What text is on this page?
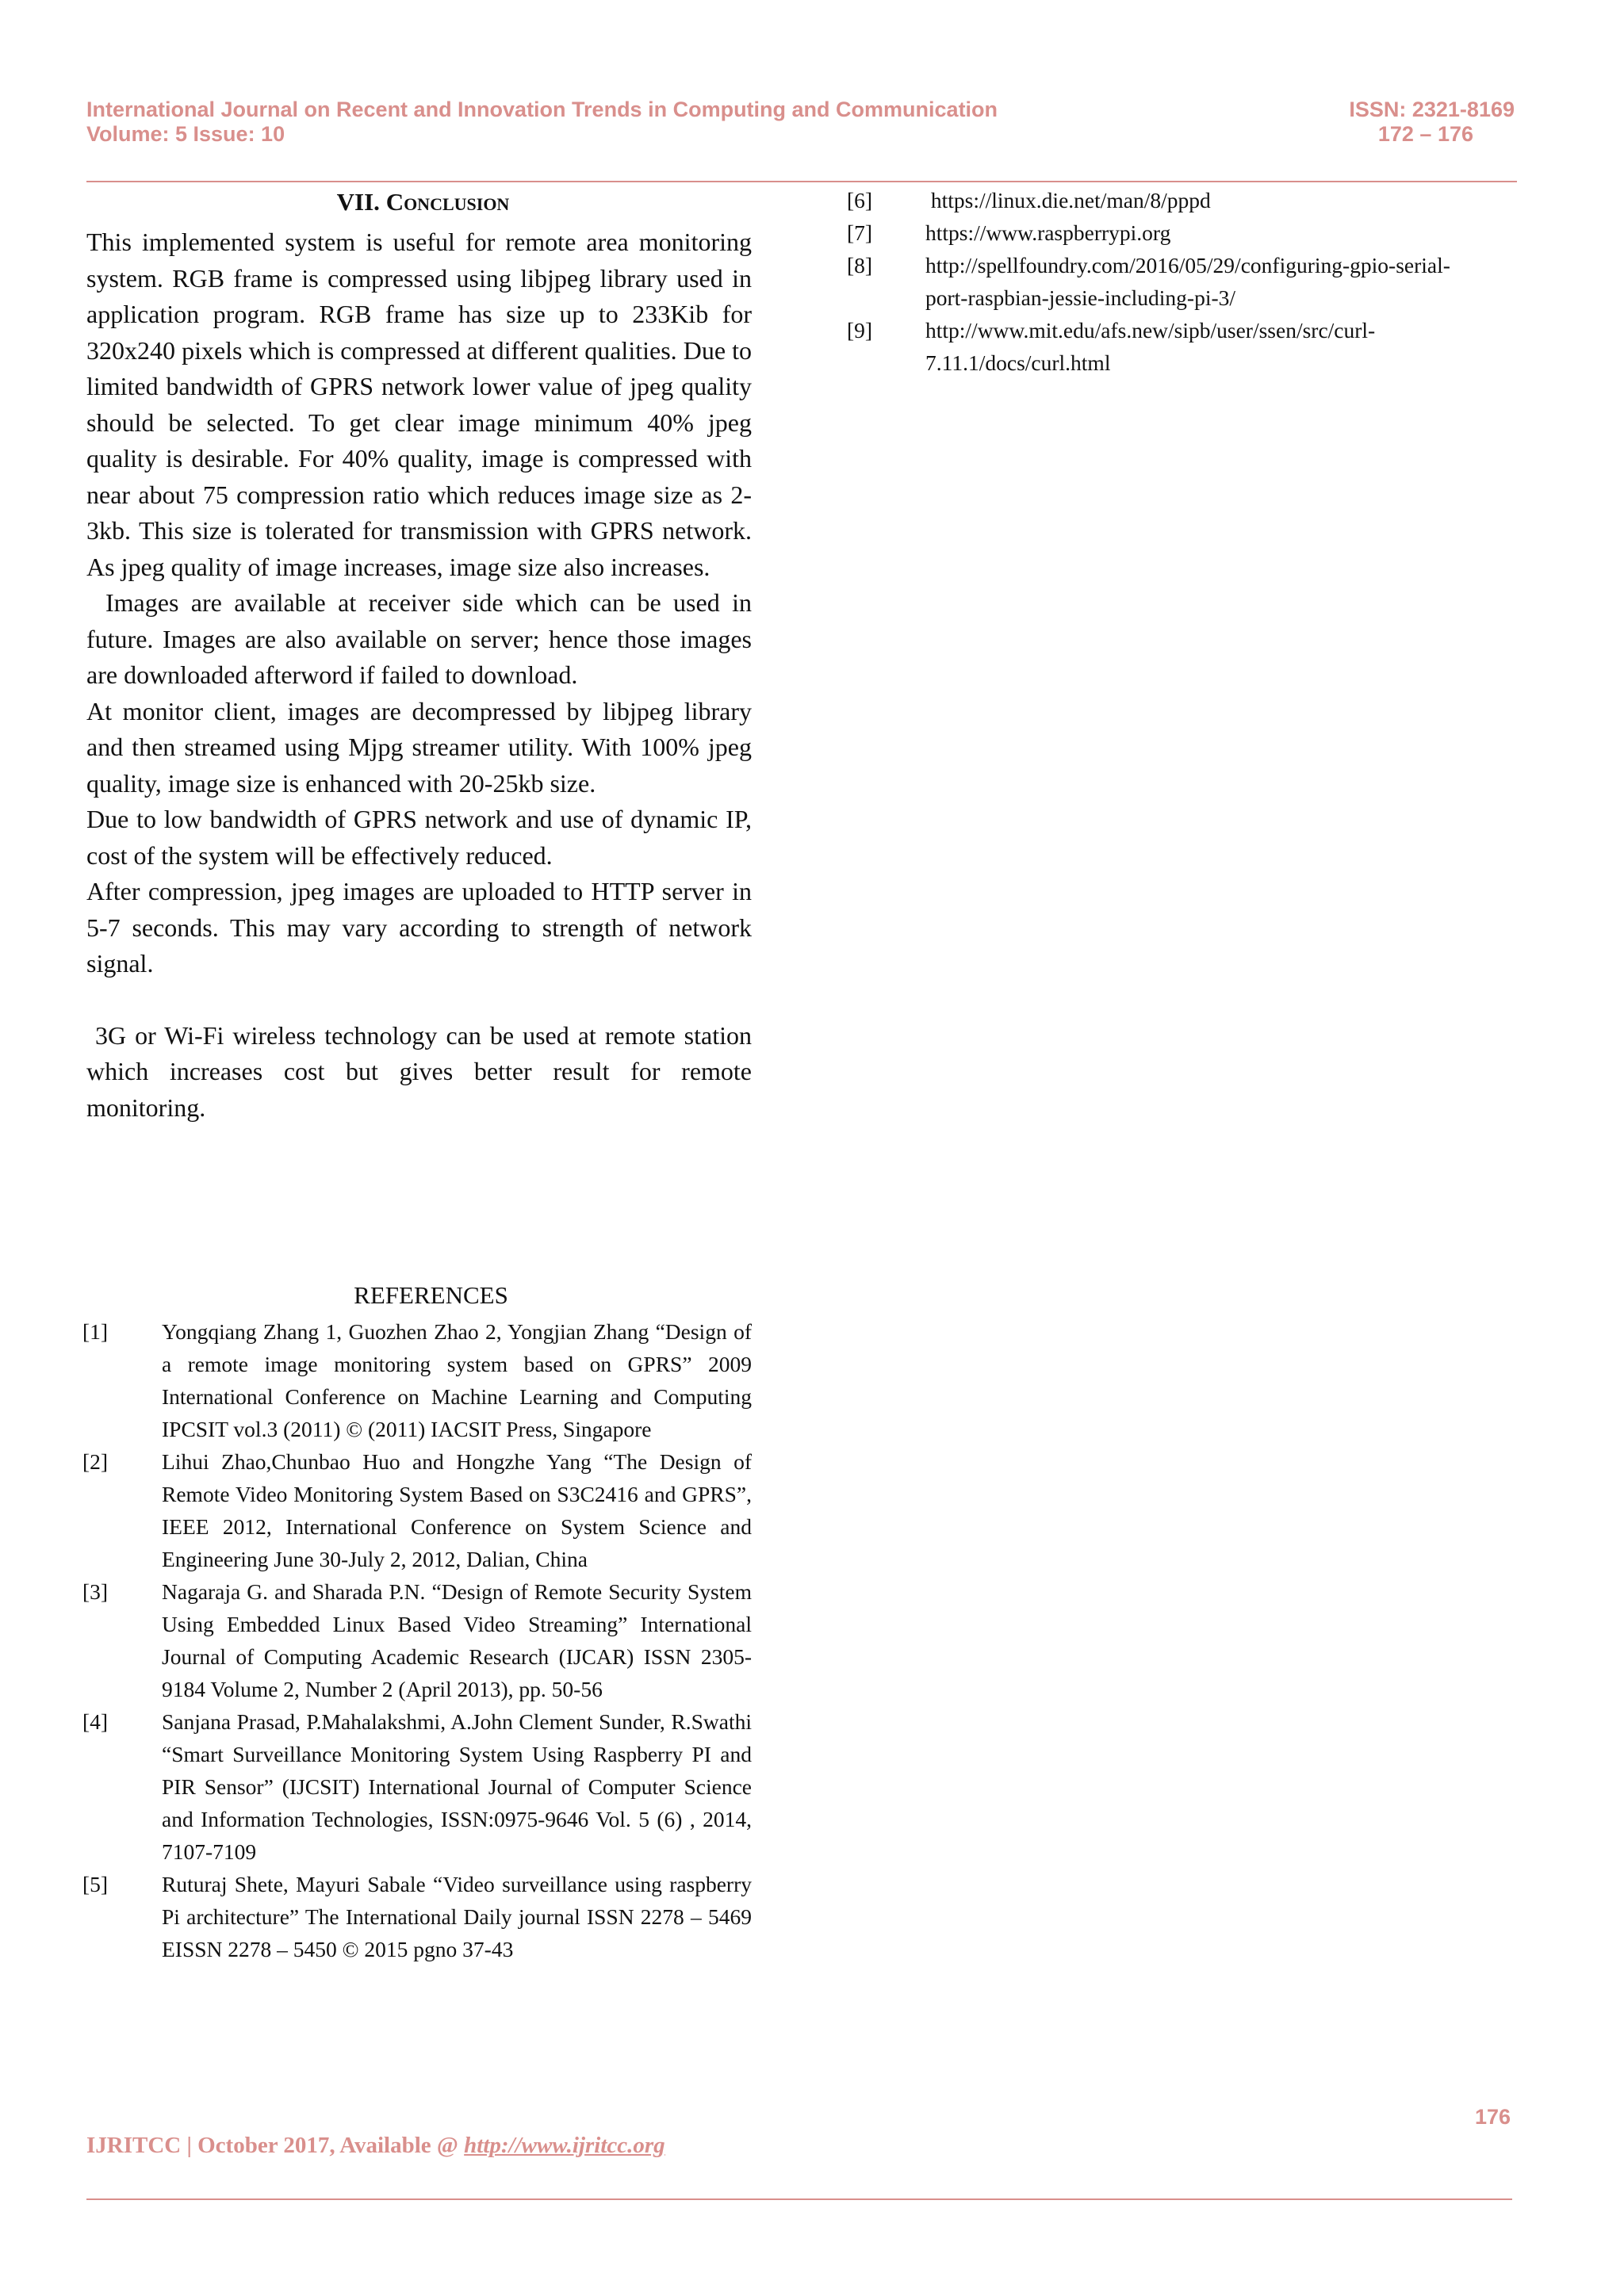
International Journal on Recent and Innovation Trends in Computing and Communication
Volume: 5 Issue: 10
ISSN: 2321-8169
172 – 176
VII. Conclusion

This implemented system is useful for remote area monitoring system. RGB frame is compressed using libjpeg library used in application program. RGB frame has size up to 233Kib for 320x240 pixels which is compressed at different qualities. Due to limited bandwidth of GPRS network lower value of jpeg quality should be selected. To get clear image minimum 40% jpeg quality is desirable. For 40% quality, image is compressed with near about 75 compression ratio which reduces image size as 2-3kb. This size is tolerated for transmission with GPRS network. As jpeg quality of image increases, image size also increases.

Images are available at receiver side which can be used in future. Images are also available on server; hence those images are downloaded afterword if failed to download.

At monitor client, images are decompressed by libjpeg library and then streamed using Mjpg streamer utility. With 100% jpeg quality, image size is enhanced with 20-25kb size.

Due to low bandwidth of GPRS network and use of dynamic IP, cost of the system will be effectively reduced.

After compression, jpeg images are uploaded to HTTP server in 5-7 seconds. This may vary according to strength of network signal.

3G or Wi-Fi wireless technology can be used at remote station which increases cost but gives better result for remote monitoring.

REFERENCES
[1]	Yongqiang Zhang 1, Guozhen Zhao 2, Yongjian Zhang “Design of a remote image monitoring system based on GPRS” 2009 International Conference on Machine Learning and Computing IPCSIT vol.3 (2011) © (2011) IACSIT Press, Singapore
[2]	Lihui Zhao,Chunbao Huo and Hongzhe Yang “The Design of Remote Video Monitoring System Based on S3C2416 and GPRS”, IEEE 2012, International Conference on System Science and Engineering June 30-July 2, 2012, Dalian, China
[3]	Nagaraja G. and Sharada P.N. “Design of Remote Security System Using Embedded Linux Based Video Streaming” International Journal of Computing Academic Research (IJCAR) ISSN 2305-9184 Volume 2, Number 2 (April 2013), pp. 50-56
[4]	Sanjana Prasad, P.Mahalakshmi, A.John Clement Sunder, R.Swathi “Smart Surveillance Monitoring System Using Raspberry PI and PIR Sensor” (IJCSIT) International Journal of Computer Science and Information Technologies, ISSN:0975-9646 Vol. 5 (6) , 2014, 7107-7109
[5]	Ruturaj Shete, Mayuri Sabale “Video surveillance using raspberry Pi architecture” The International Daily journal ISSN 2278 – 5469 EISSN 2278 – 5450 © 2015 pgno 37-43
[6]	https://linux.die.net/man/8/pppd
[7]	https://www.raspberrypi.org
[8]	http://spellfoundry.com/2016/05/29/configuring-gpio-serial-port-raspbian-jessie-including-pi-3/
[9]	http://www.mit.edu/afs.new/sipb/user/ssen/src/curl-7.11.1/docs/curl.html
176
IJRITCC | October 2017, Available @ http://www.ijritcc.org
